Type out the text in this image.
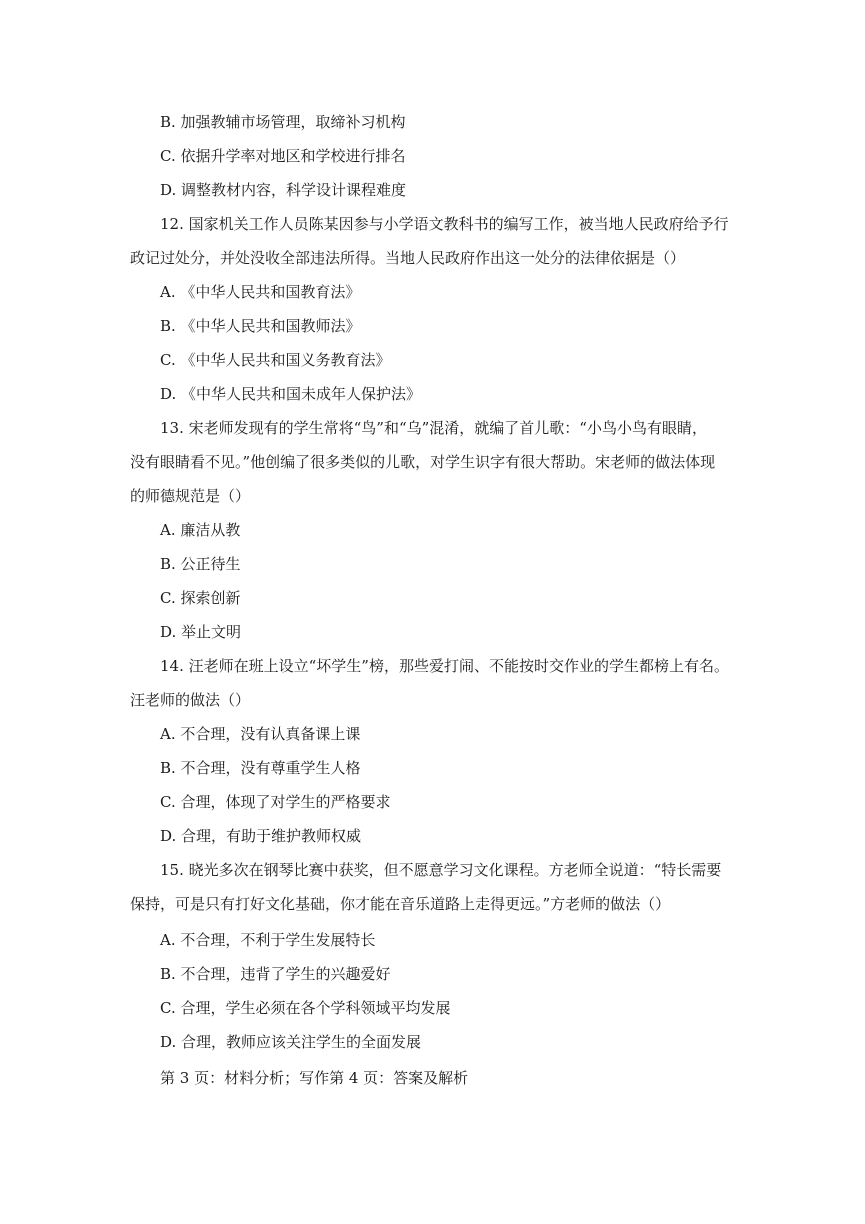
B. 加强教辅市场管理，取缔补习机构
C. 依据升学率对地区和学校进行排名
D. 调整教材内容，科学设计课程难度
12. 国家机关工作人员陈某因参与小学语文教科书的编写工作，被当地人民政府给予行
政记过处分，并处没收全部违法所得。当地人民政府作出这一处分的法律依据是（）
A. 《中华人民共和国教育法》
B. 《中华人民共和国教师法》
C. 《中华人民共和国义务教育法》
D. 《中华人民共和国未成年人保护法》
13. 宋老师发现有的学生常将“鸟”和“乌”混淆，就编了首儿歌：“小鸟小鸟有眼睛，
没有眼睛看不见。”他创编了很多类似的儿歌，对学生识字有很大帮助。宋老师的做法体现
的师德规范是（）
A. 廉洁从教
B. 公正待生
C. 探索创新
D. 举止文明
14. 汪老师在班上设立“坏学生”榜，那些爱打闹、不能按时交作业的学生都榜上有名。
汪老师的做法（）
A. 不合理，没有认真备课上课
B. 不合理，没有尊重学生人格
C. 合理，体现了对学生的严格要求
D. 合理，有助于维护教师权威
15. 晓光多次在钢琴比赛中获奖，但不愿意学习文化课程。方老师全说道：“特长需要
保持，可是只有打好文化基础，你才能在音乐道路上走得更远。”方老师的做法（）
A. 不合理，不利于学生发展特长
B. 不合理，违背了学生的兴趣爱好
C. 合理，学生必须在各个学科领域平均发展
D. 合理，教师应该关注学生的全面发展
第 3 页：材料分析；写作第 4 页：答案及解析
